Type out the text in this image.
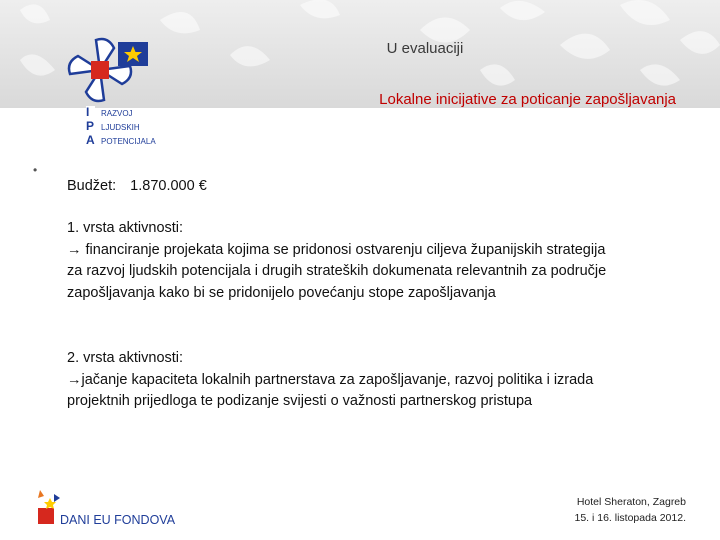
U evaluaciji
Lokalne inicijative za poticanje zapošljavanja
I
P
A
RAZVOJ
LJUDSKIH
POTENCIJALA
•
Budžet: 1.870.000 €
1. vrsta aktivnosti:
→ financiranje projekata kojima se pridonosi ostvarenju ciljeva županijskih strategija za razvoj ljudskih potencijala i drugih strateških dokumenata relevantnih za područje zapošljavanja kako bi se pridonijelo povećanju stope zapošljavanja
2. vrsta aktivnosti:
→jačanje kapaciteta lokalnih partnerstava za zapošljavanje, razvoj politika i izrada projektnih prijedloga te podizanje svijesti o važnosti partnerskog pristupa
DANI EU FONDOVA
Hotel Sheraton, Zagreb
15. i 16. listopada 2012.
